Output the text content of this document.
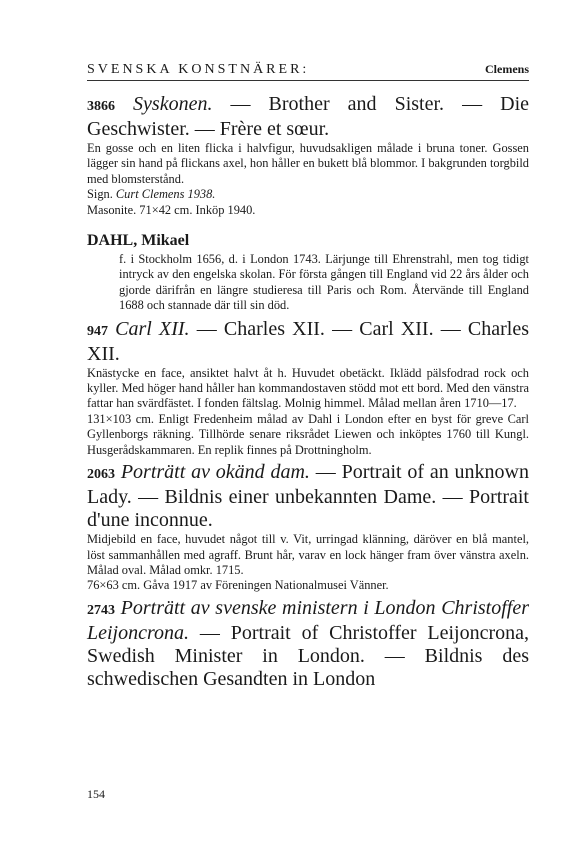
SVENSKA KONSTNÄRER:	Clemens

3866 Syskonen. — Brother and Sister. — Die Geschwister. — Frère et sœur.

En gosse och en liten flicka i halvfigur, huvudsakligen målade i bruna toner. Gossen lägger sin hand på flickans axel, hon håller en bukett blå blommor. I bakgrunden torgbild med blomsterstånd.
Sign. Curt Clemens 1938.

Masonite. 71×42 cm. Inköp 1940.

DAHL, Mikael

f. i Stockholm 1656, d. i London 1743. Lärjunge till Ehrenstrahl, men tog tidigt intryck av den engelska skolan. För första gången till England vid 22 års ålder och gjorde därifrån en längre studieresa till Paris och Rom. Återvände till England 1688 och stannade där till sin död.

947 Carl XII. — Charles XII. — Carl XII. — Charles XII.

Knästycke en face, ansiktet halvt åt h. Huvudet obetäckt. Iklädd pälsfodrad rock och kyller. Med höger hand håller han kommandostaven stödd mot ett bord. Med den vänstra fattar han svärdfästet. I fonden fältslag. Molnig himmel. Målad mellan åren 1710—17.

131×103 cm. Enligt Fredenheim målad av Dahl i London efter en byst för greve Carl Gyllenborgs räkning. Tillhörde senare riksrådet Liewen och inköptes 1760 till Kungl. Husgerådskammaren. En replik finnes på Drottningholm.

2063 Porträtt av okänd dam. — Portrait of an unknown Lady. — Bildnis einer unbekannten Dame. — Portrait d'une inconnue.

Midjebild en face, huvudet något till v. Vit, urringad klänning, däröver en blå mantel, löst sammanhållen med agraff. Brunt hår, varav en lock hänger fram över vänstra axeln. Målad oval. Målad omkr. 1715.

76×63 cm. Gåva 1917 av Föreningen Nationalmusei Vänner.

2743 Porträtt av svenske ministern i London Christoffer Leijoncrona. — Portrait of Christoffer Leijoncrona, Swedish Minister in London. — Bildnis des schwedischen Gesandten in London

154
